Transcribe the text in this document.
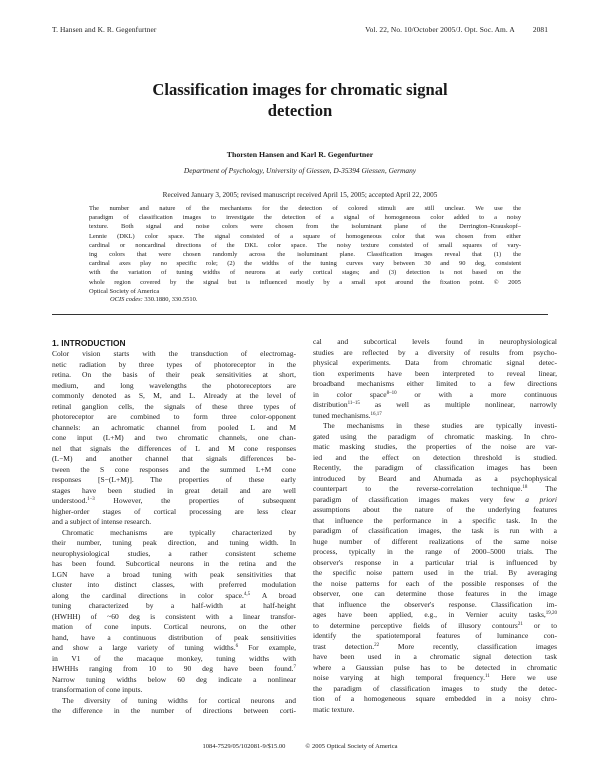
T. Hansen and K. R. Gegenfurtner	Vol. 22, No. 10/October 2005/J. Opt. Soc. Am. A 2081
Classification images for chromatic signal
detection
Thorsten Hansen and Karl R. Gegenfurtner
Department of Psychology, University of Giessen, D-35394 Giessen, Germany
Received January 3, 2005; revised manuscript received April 15, 2005; accepted April 22, 2005
The number and nature of the mechanisms for the detection of colored stimuli are still unclear. We use the
paradigm of classification images to investigate the detection of a signal of homogeneous color added to a noisy
texture. Both signal and noise colors were chosen from the isoluminant plane of the Derrington–Krauskopf–
Lennie (DKL) color space. The signal consisted of a square of homogeneous color that was chosen from either
cardinal or noncardinal directions of the DKL color space. The noisy texture consisted of small squares of vary-
ing colors that were chosen randomly across the isoluminant plane. Classification images reveal that (1) the
cardinal axes play no specific role; (2) the widths of the tuning curves vary between 30 and 90 deg, consistent
with the variation of tuning widths of neurons at early cortical stages; and (3) detection is not based on the
whole region covered by the signal but is influenced mostly by a small spot around the fixation point. © 2005
Optical Society of America
OCIS codes: 330.1880, 330.5510.
1. INTRODUCTION
Color vision starts with the transduction of electromag-
netic radiation by three types of photoreceptor in the
retina. On the basis of their peak sensitivities at short,
medium, and long wavelengths the photoreceptors are
commonly denoted as S, M, and L. Already at the level of
retinal ganglion cells, the signals of these three types of
photoreceptor are combined to form three color-opponent
channels: an achromatic channel from pooled L and M
cone input (L+M) and two chromatic channels, one chan-
nel that signals the differences of L and M cone responses
(L−M) and another channel that signals differences be-
tween the S cone responses and the summed L+M cone
responses [S−(L+M)]. The properties of these early
stages have been studied in great detail and are well
understood.$^{1-3}$ However, the properties of subsequent
higher-order stages of cortical processing are less clear
and a subject of intense research.
Chromatic mechanisms are typically characterized by
their number, tuning peak direction, and tuning width. In
neurophysiological studies, a rather consistent scheme
has been found. Subcortical neurons in the retina and the
LGN have a broad tuning with peak sensitivities that
cluster into distinct classes, with preferred modulation
along the cardinal directions in color space.$^{4,5}$ A broad
tuning characterized by a half-width at half-height
(HWHH) of ~60 deg is consistent with a linear transfor-
mation of cone inputs. Cortical neurons, on the other
hand, have a continuous distribution of peak sensitivities
and show a large variety of tuning widths.$^6$ For example,
in V1 of the macaque monkey, tuning widths with
HWHHs ranging from 10 to 90 deg have been found.$^7$
Narrow tuning widths below 60 deg indicate a nonlinear
transformation of cone inputs.
The diversity of tuning widths for cortical neurons and
the difference in the number of directions between corti-
cal and subcortical levels found in neurophysiological
studies are reflected by a diversity of results from psycho-
physical experiments. Data from chromatic signal detec-
tion experiments have been interpreted to reveal linear,
broadband mechanisms either limited to a few directions
in color space$^{8-10}$ or with a more continuous
distribution$^{11-15}$ as well as multiple nonlinear, narrowly
tuned mechanisms.$^{16,17}$
The mechanisms in these studies are typically investi-
gated using the paradigm of chromatic masking. In chro-
matic masking studies, the properties of the noise are var-
ied and the effect on detection threshold is studied.
Recently, the paradigm of classification images has been
introduced by Beard and Ahumada as a psychophysical
counterpart to the reverse-correlation technique.$^{18}$ The
paradigm of classification images makes very few a priori
assumptions about the nature of the underlying features
that influence the performance in a specific task. In the
paradigm of classification images, the task is run with a
huge number of different realizations of the same noise
process, typically in the range of 2000–5000 trials. The
observer's response in a particular trial is influenced by
the specific noise pattern used in the trial. By averaging
the noise patterns for each of the possible responses of the
observer, one can determine those features in the image
that influence the observer's response. Classification im-
ages have been applied, e.g., in Vernier acuity tasks,$^{19,20}$
to determine perceptive fields of illusory contours$^{21}$ or to
identify the spatiotemporal features of luminance con-
trast detection.$^{22}$ More recently, classification images
have been used in a chromatic signal detection task
where a Gaussian pulse has to be detected in chromatic
noise varying at high temporal frequency.$^{11}$ Here we use
the paradigm of classification images to study the detec-
tion of a homogeneous square embedded in a noisy chro-
matic texture.
1084-7529/05/102081-9/$15.00	© 2005 Optical Society of America
